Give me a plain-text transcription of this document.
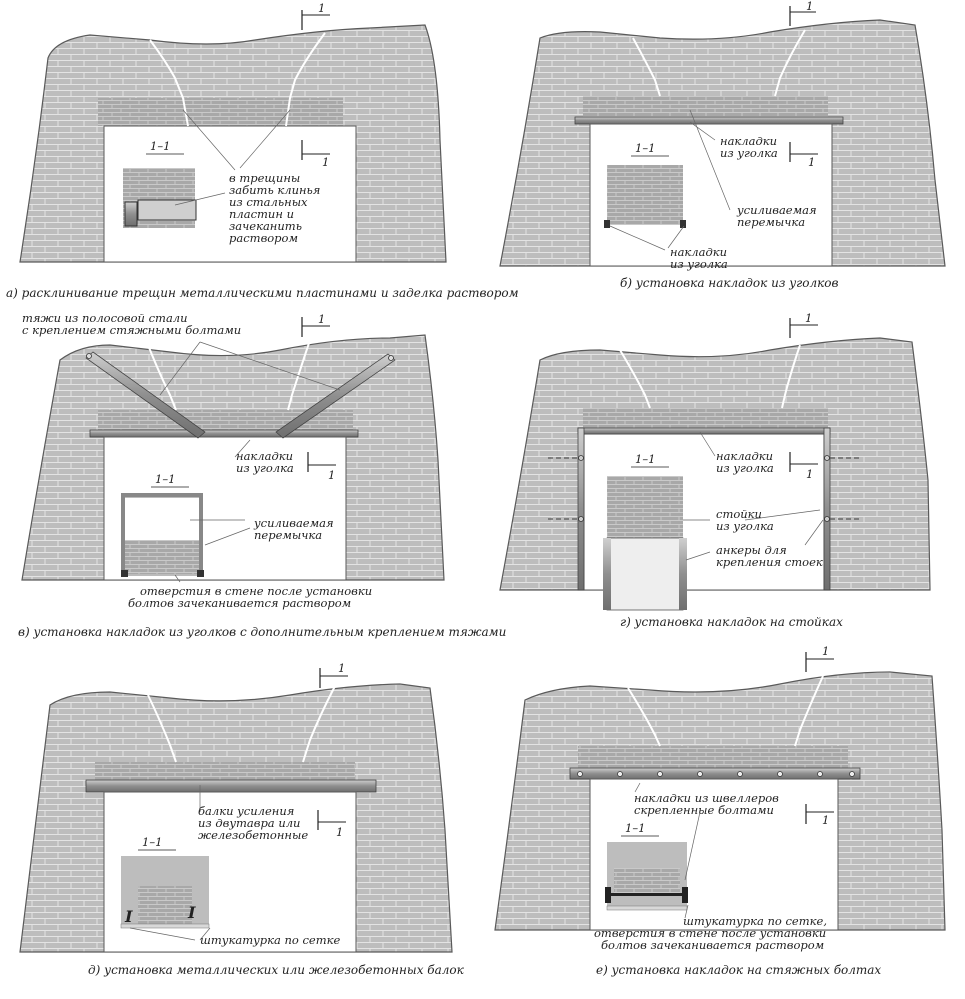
1
1
1–1
в трещины
забить клинья
из стальных
пластин и
зачеканить
раствором
а) расклинивание трещин металлическими пластинами и заделка раствором
1
1
1–1	накладки
из уголка
усиливаемая
перемычка
накладки
из уголка
б) установка накладок из уголков
1
1
1–1
тяжи из полосовой стали
с креплением стяжными болтами
накладки
из уголка
усиливаемая
перемычка
отверстия в стене после установки
болтов зачеканивается раствором
в) установка накладок из уголков с дополнительным креплением тяжами
1
1
1–1	накладки
из уголка
стойки
из уголка
анкеры для
крепления стоек
г) установка накладок на стойках
1
1
1–1
I	I
балки усиления
из двутавра или
железобетонные
штукатурка по сетке
д) установка металлических или железобетонных балок
1
1
1–1
накладки из швеллеров
скрепленные болтами
штукатурка по сетке,
отверстия в стене после установки
болтов зачеканивается раствором
е) установка накладок на стяжных болтах
